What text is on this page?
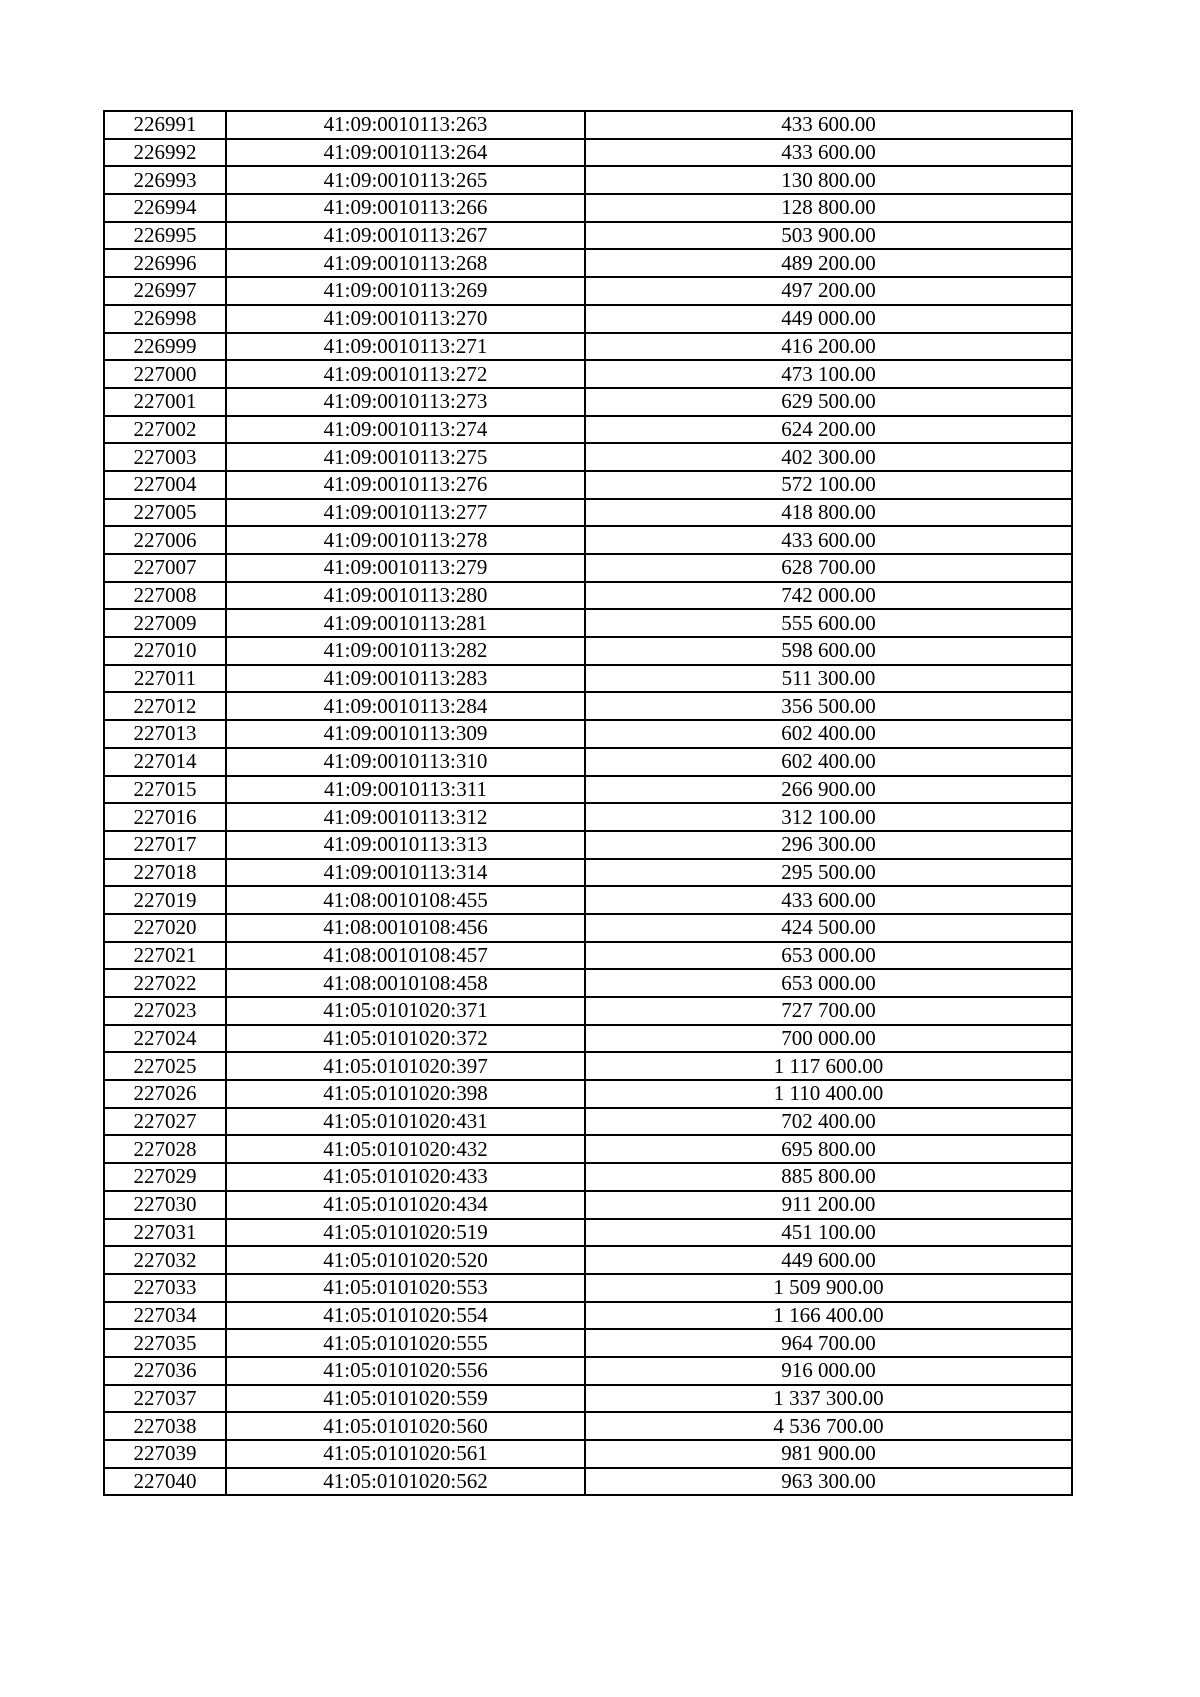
226991	41:09:0010113:263	433 600.00
226992	41:09:0010113:264	433 600.00
226993	41:09:0010113:265	130 800.00
226994	41:09:0010113:266	128 800.00
226995	41:09:0010113:267	503 900.00
226996	41:09:0010113:268	489 200.00
226997	41:09:0010113:269	497 200.00
226998	41:09:0010113:270	449 000.00
226999	41:09:0010113:271	416 200.00
227000	41:09:0010113:272	473 100.00
227001	41:09:0010113:273	629 500.00
227002	41:09:0010113:274	624 200.00
227003	41:09:0010113:275	402 300.00
227004	41:09:0010113:276	572 100.00
227005	41:09:0010113:277	418 800.00
227006	41:09:0010113:278	433 600.00
227007	41:09:0010113:279	628 700.00
227008	41:09:0010113:280	742 000.00
227009	41:09:0010113:281	555 600.00
227010	41:09:0010113:282	598 600.00
227011	41:09:0010113:283	511 300.00
227012	41:09:0010113:284	356 500.00
227013	41:09:0010113:309	602 400.00
227014	41:09:0010113:310	602 400.00
227015	41:09:0010113:311	266 900.00
227016	41:09:0010113:312	312 100.00
227017	41:09:0010113:313	296 300.00
227018	41:09:0010113:314	295 500.00
227019	41:08:0010108:455	433 600.00
227020	41:08:0010108:456	424 500.00
227021	41:08:0010108:457	653 000.00
227022	41:08:0010108:458	653 000.00
227023	41:05:0101020:371	727 700.00
227024	41:05:0101020:372	700 000.00
227025	41:05:0101020:397	1 117 600.00
227026	41:05:0101020:398	1 110 400.00
227027	41:05:0101020:431	702 400.00
227028	41:05:0101020:432	695 800.00
227029	41:05:0101020:433	885 800.00
227030	41:05:0101020:434	911 200.00
227031	41:05:0101020:519	451 100.00
227032	41:05:0101020:520	449 600.00
227033	41:05:0101020:553	1 509 900.00
227034	41:05:0101020:554	1 166 400.00
227035	41:05:0101020:555	964 700.00
227036	41:05:0101020:556	916 000.00
227037	41:05:0101020:559	1 337 300.00
227038	41:05:0101020:560	4 536 700.00
227039	41:05:0101020:561	981 900.00
227040	41:05:0101020:562	963 300.00
